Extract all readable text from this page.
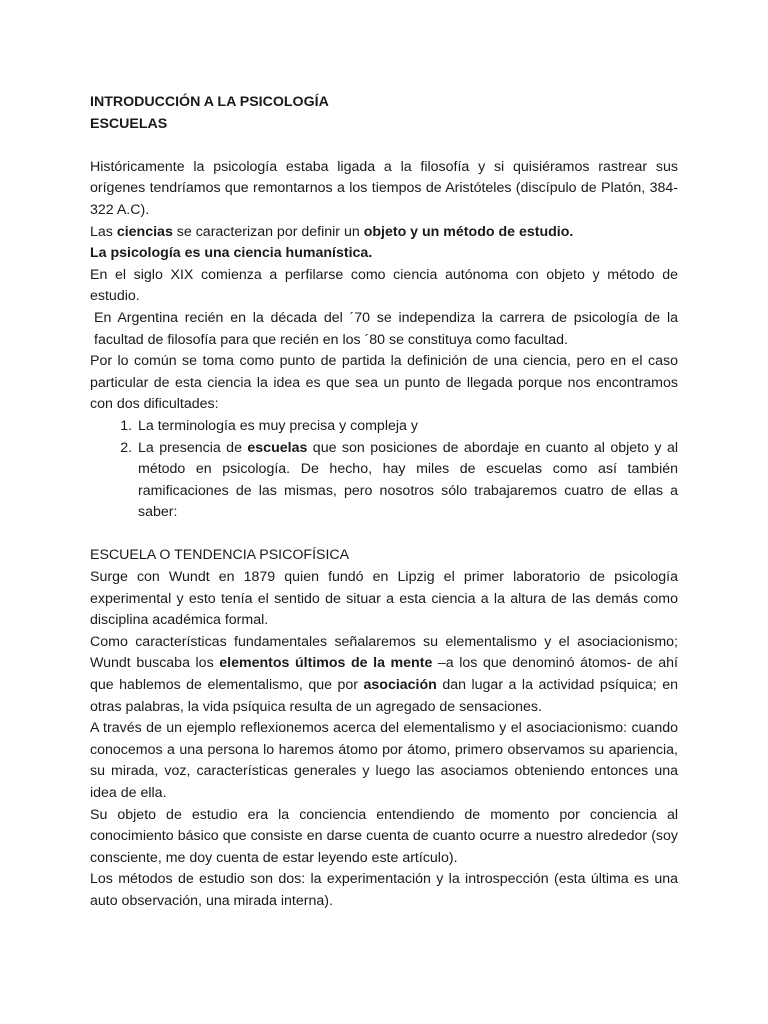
INTRODUCCIÓN A LA PSICOLOGÍA
ESCUELAS

Históricamente la psicología estaba ligada a la filosofía y si quisiéramos rastrear sus orígenes tendríamos que remontarnos a los tiempos de Aristóteles (discípulo de Platón, 384-322 A.C).

Las ciencias se caracterizan por definir un objeto y un método de estudio.

La psicología es una ciencia humanística.

En el siglo XIX comienza a perfilarse como ciencia autónoma con objeto y método de estudio.

En Argentina recién en la década del ´70 se independiza la carrera de psicología de la facultad de filosofía para que recién en los ´80 se constituya como facultad.

Por lo común se toma como punto de partida la definición de una ciencia, pero en el caso particular de esta ciencia la idea es que sea un punto de llegada porque nos encontramos con dos dificultades:

1. La terminología es muy precisa y compleja y
2. La presencia de escuelas que son posiciones de abordaje en cuanto al objeto y al método en psicología. De hecho, hay miles de escuelas como así también ramificaciones de las mismas, pero nosotros sólo trabajaremos cuatro de ellas a saber:
ESCUELA O TENDENCIA PSICOFÍSICA

Surge con Wundt en 1879 quien fundó en Lipzig el primer laboratorio de psicología experimental y esto tenía el sentido de situar a esta ciencia a la altura de las demás como disciplina académica formal.

Como características fundamentales señalaremos su elementalismo y el asociacionismo; Wundt buscaba los elementos últimos de la mente –a los que denominó átomos- de ahí que hablemos de elementalismo, que por asociación dan lugar a la actividad psíquica; en otras palabras, la vida psíquica resulta de un agregado de sensaciones.

A través de un ejemplo reflexionemos acerca del elementalismo y el asociacionismo: cuando conocemos a una persona lo haremos átomo por átomo, primero observamos su apariencia, su mirada, voz, características generales y luego las asociamos obteniendo entonces una idea de ella.

Su objeto de estudio era la conciencia entendiendo de momento por conciencia al conocimiento básico que consiste en darse cuenta de cuanto ocurre a nuestro alrededor (soy consciente, me doy cuenta de estar leyendo este artículo).

Los métodos de estudio son dos: la experimentación y la introspección (esta última es una auto observación, una mirada interna).
